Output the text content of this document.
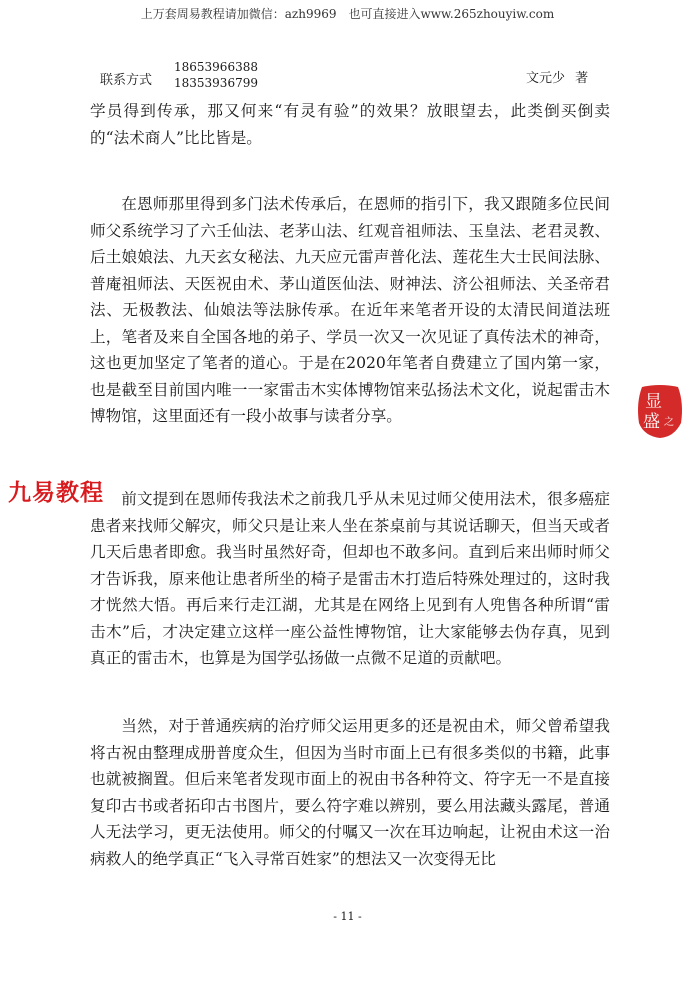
上万套周易教程请加微信：azh9969　也可直接进入www.265zhouyiw.com
联系方式
18653966388
18353936799	文元少 著

学员得到传承，那又何来“有灵有验”的效果？放眼望去，此类倒买倒卖的“法术商人”比比皆是。

在恩师那里得到多门法术传承后，在恩师的指引下，我又跟随多位民间师父系统学习了六壬仙法、老茅山法、红观音祖师法、玉皇法、老君灵教、后土娘娘法、九天玄女秘法、九天应元雷声普化法、莲花生大士民间法脉、普庵祖师法、天医祝由术、茅山道医仙法、财神法、济公祖师法、关圣帝君法、无极教法、仙娘法等法脉传承。在近年来笔者开设的太清民间道法班上，笔者及来自全国各地的弟子、学员一次又一次见证了真传法术的神奇，这也更加坚定了笔者的道心。于是在2020年笔者自费建立了国内第一家，也是截至目前国内唯一一家雷击木实体博物馆来弘扬法术文化，说起雷击木博物馆，这里面还有一段小故事与读者分享。

前文提到在恩师传我法术之前我几乎从未见过师父使用法术，很多癌症患者来找师父解灾，师父只是让来人坐在茶桌前与其说话聊天，但当天或者几天后患者即愈。我当时虽然好奇，但却也不敢多问。直到后来出师时师父才告诉我，原来他让患者所坐的椅子是雷击木打造后特殊处理过的，这时我才恍然大悟。再后来行走江湖，尤其是在网络上见到有人兜售各种所谓“雷击木”后，才决定建立这样一座公益性博物馆，让大家能够去伪存真，见到真正的雷击木，也算是为国学弘扬做一点微不足道的贡献吧。

当然，对于普通疾病的治疗师父运用更多的还是祝由术，师父曾希望我将古祝由整理成册普度众生，但因为当时市面上已有很多类似的书籍，此事也就被搁置。但后来笔者发现市面上的祝由书各种符文、符字无一不是直接复印古书或者拓印古书图片，要么符字难以辨别，要么用法藏头露尾，普通人无法学习，更无法使用。师父的付嘱又一次在耳边响起，让祝由术这一治病救人的绝学真正“飞入寻常百姓家”的想法又一次变得无比

九易教程
显
盛 之
- 11 -
